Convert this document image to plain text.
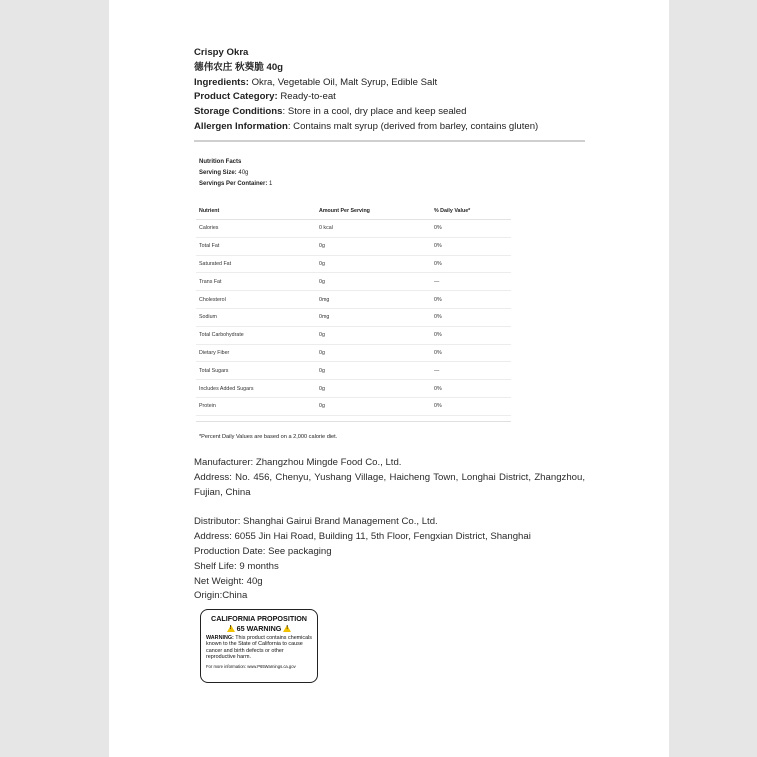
Crispy Okra
德伟农庄 秋葵脆 40g
Ingredients: Okra, Vegetable Oil, Malt Syrup, Edible Salt
Product Category: Ready-to-eat
Storage Conditions: Store in a cool, dry place and keep sealed
Allergen Information: Contains malt syrup (derived from barley, contains gluten)
Nutrition Facts
Serving Size: 40g
Servings Per Container: 1
Nutrient	Amount Per Serving	% Daily Value*
Calories	0 kcal	0%
Total Fat	0g	0%
Saturated Fat	0g	0%
Trans Fat	0g	—
Cholesterol	0mg	0%
Sodium	0mg	0%
Total Carbohydrate	0g	0%
Dietary Fiber	0g	0%
Total Sugars	0g	—
Includes Added Sugars	0g	0%
Protein	0g	0%
*Percent Daily Values are based on a 2,000 calorie diet.
Manufacturer: Zhangzhou Mingde Food Co., Ltd.
Address: No. 456, Chenyu, Yushang Village, Haicheng Town, Longhai District, Zhangzhou, Fujian, China
Distributor: Shanghai Gairui Brand Management Co., Ltd.
Address: 6055 Jin Hai Road, Building 11, 5th Floor, Fengxian District, Shanghai
Production Date: See packaging
Shelf Life: 9 months
Net Weight: 40g
Origin:China
CALIFORNIA PROPOSITION
!65 WARNING!
WARNING: This product contains chemicals known to the State of California to cause cancer and birth defects or other reproductive harm.
For more information: www.P65Warnings.ca.gov
